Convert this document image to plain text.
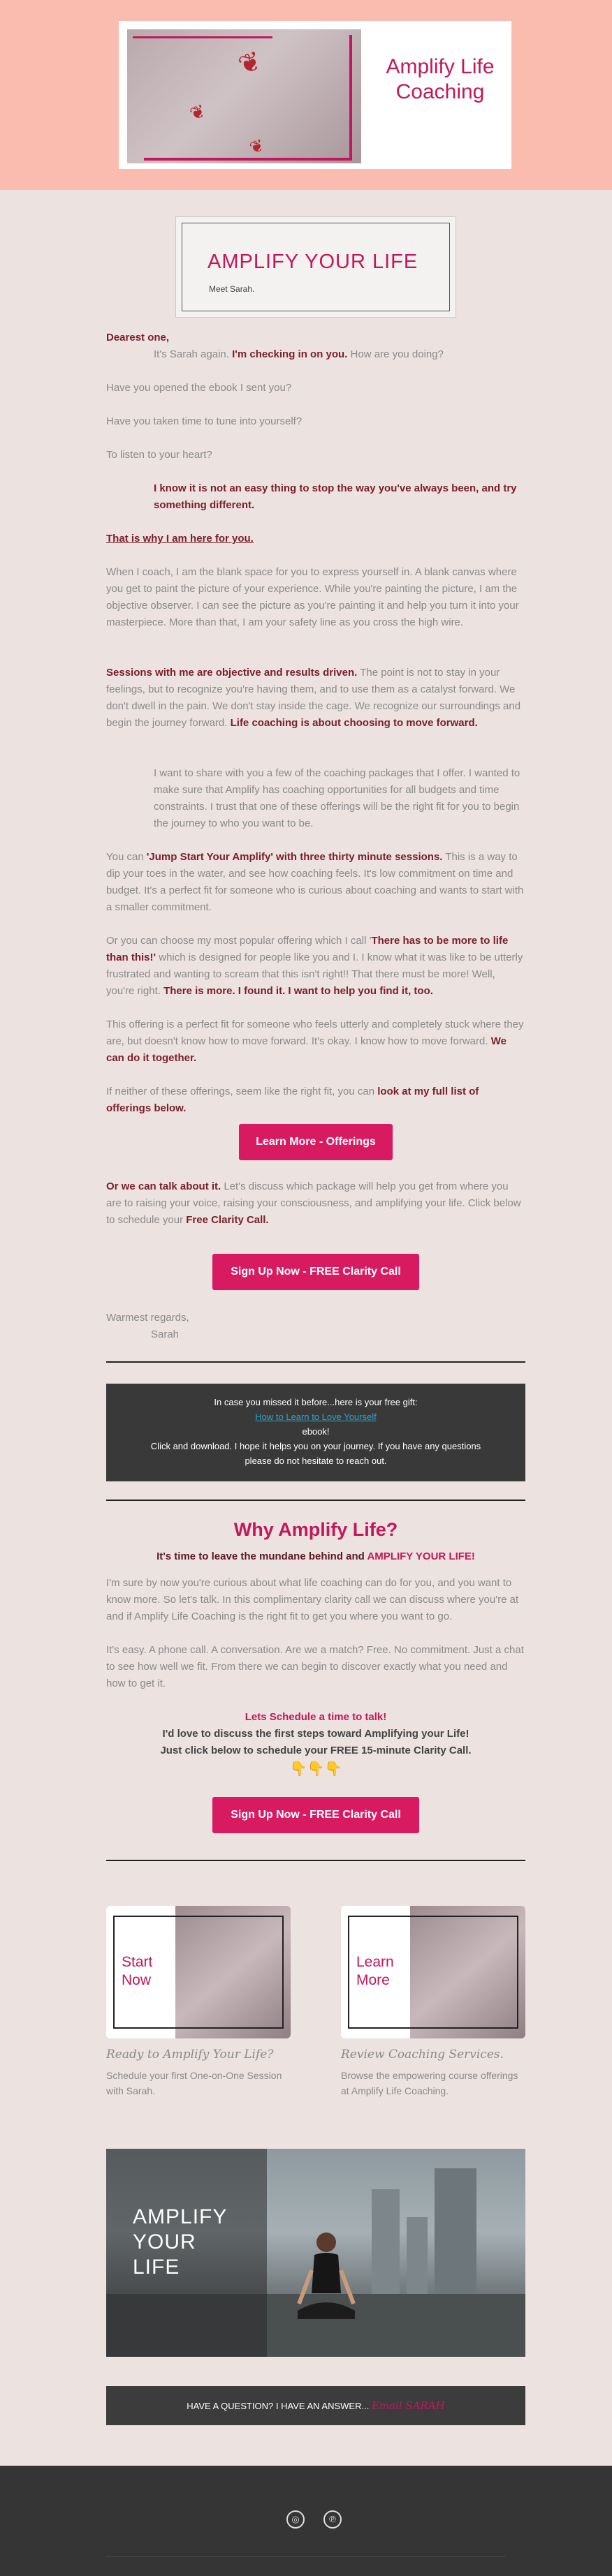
❦
❦
❦
Amplify Life Coaching
AMPLIFY YOUR LIFE
Meet Sarah.
Dearest one,
It's Sarah again. I'm checking in on you. How are you doing?
Have you opened the ebook I sent you?
Have you taken time to tune into yourself?
To listen to your heart?
I know it is not an easy thing to stop the way you've always been, and try something different.
That is why I am here for you.
When I coach, I am the blank space for you to express yourself in. A blank canvas where you get to paint the picture of your experience. While you're painting the picture, I am the objective observer. I can see the picture as you're painting it and help you turn it into your masterpiece. More than that, I am your safety line as you cross the high wire.
Sessions with me are objective and results driven. The point is not to stay in your feelings, but to recognize you're having them, and to use them as a catalyst forward. We don't dwell in the pain. We don't stay inside the cage. We recognize our surroundings and begin the journey forward. Life coaching is about choosing to move forward.
I want to share with you a few of the coaching packages that I offer. I wanted to make sure that Amplify has coaching opportunities for all budgets and time constraints. I trust that one of these offerings will be the right fit for you to begin the journey to who you want to be.
You can 'Jump Start Your Amplify' with three thirty minute sessions. This is a way to dip your toes in the water, and see how coaching feels. It's low commitment on time and budget. It's a perfect fit for someone who is curious about coaching and wants to start with a smaller commitment.
Or you can choose my most popular offering which I call 'There has to be more to life than this!' which is designed for people like you and I. I know what it was like to be utterly frustrated and wanting to scream that this isn't right!! That there must be more! Well, you're right. There is more. I found it. I want to help you find it, too.
This offering is a perfect fit for someone who feels utterly and completely stuck where they are, but doesn't know how to move forward. It's okay. I know how to move forward. We can do it together.
If neither of these offerings, seem like the right fit, you can look at my full list of offerings below.
Learn More - Offerings
Or we can talk about it. Let's discuss which package will help you get from where you are to raising your voice, raising your consciousness, and amplifying your life. Click below to schedule your Free Clarity Call.
Sign Up Now - FREE Clarity Call
Warmest regards,
Sarah
In case you missed it before...here is your free gift:
How to Learn to Love Yourself
ebook!
Click and download. I hope it helps you on your journey. If you have any questions please do not hesitate to reach out.
Why Amplify Life?
It's time to leave the mundane behind and AMPLIFY YOUR LIFE!
I'm sure by now you're curious about what life coaching can do for you, and you want to know more. So let's talk. In this complimentary clarity call we can discuss where you're at and if Amplify Life Coaching is the right fit to get you where you want to go.
It's easy. A phone call. A conversation. Are we a match? Free. No commitment. Just a chat to see how well we fit. From there we can begin to discover exactly what you need and how to get it.
Lets Schedule a time to talk!
I'd love to discuss the first steps toward Amplifying your Life!
Just click below to schedule your FREE 15-minute Clarity Call.
👇👇👇
Sign Up Now - FREE Clarity Call
Start Now
Ready to Amplify Your Life?
Schedule your first One-on-One Session with Sarah.
Learn More
Review Coaching Services.
Browse the empowering course offerings at Amplify Life Coaching.
AMPLIFY YOUR LIFE
HAVE A QUESTION? I HAVE AN ANSWER... Email SARAH
◎	℗
